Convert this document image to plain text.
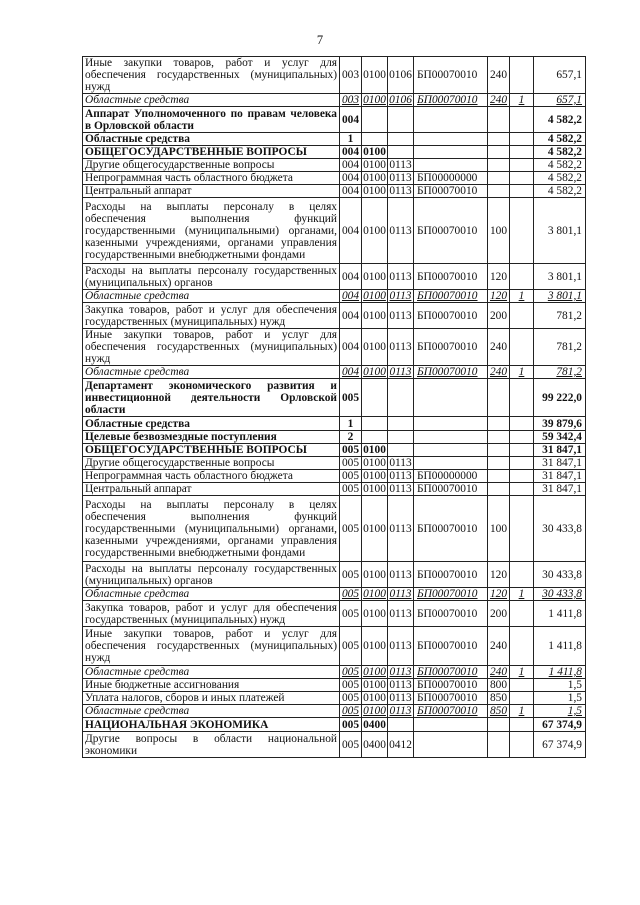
7
Иные закупки товаров, работ и услуг для обеспечения государственных (муниципальных) нужд	003	0100	0106	БП00070010	240		657,1
Областные средства	003	0100	0106	БП00070010	240	1	657,1
Аппарат Уполномоченного по правам человека в Орловской области	004						4 582,2
Областные средства	1						4 582,2
ОБЩЕГОСУДАРСТВЕННЫЕ ВОПРОСЫ	004	0100					4 582,2
Другие общегосударственные вопросы	004	0100	0113				4 582,2
Непрограммная часть областного бюджета	004	0100	0113	БП00000000			4 582,2
Центральный аппарат	004	0100	0113	БП00070010			4 582,2
Расходы на выплаты персоналу в целях обеспечения выполнения функций государственными (муниципальными) органами, казенными учреждениями, органами управления государственными внебюджетными фондами	004	0100	0113	БП00070010	100		3 801,1
Расходы на выплаты персоналу государственных (муниципальных) органов	004	0100	0113	БП00070010	120		3 801,1
Областные средства	004	0100	0113	БП00070010	120	1	3 801,1
Закупка товаров, работ и услуг для обеспечения государственных (муниципальных) нужд	004	0100	0113	БП00070010	200		781,2
Иные закупки товаров, работ и услуг для обеспечения государственных (муниципальных) нужд	004	0100	0113	БП00070010	240		781,2
Областные средства	004	0100	0113	БП00070010	240	1	781,2
Департамент экономического развития и инвестиционной деятельности Орловской области	005						99 222,0
Областные средства	1						39 879,6
Целевые безвозмездные поступления	2						59 342,4
ОБЩЕГОСУДАРСТВЕННЫЕ ВОПРОСЫ	005	0100					31 847,1
Другие общегосударственные вопросы	005	0100	0113				31 847,1
Непрограммная часть областного бюджета	005	0100	0113	БП00000000			31 847,1
Центральный аппарат	005	0100	0113	БП00070010			31 847,1
Расходы на выплаты персоналу в целях обеспечения выполнения функций государственными (муниципальными) органами, казенными учреждениями, органами управления государственными внебюджетными фондами	005	0100	0113	БП00070010	100		30 433,8
Расходы на выплаты персоналу государственных (муниципальных) органов	005	0100	0113	БП00070010	120		30 433,8
Областные средства	005	0100	0113	БП00070010	120	1	30 433,8
Закупка товаров, работ и услуг для обеспечения государственных (муниципальных) нужд	005	0100	0113	БП00070010	200		1 411,8
Иные закупки товаров, работ и услуг для обеспечения государственных (муниципальных) нужд	005	0100	0113	БП00070010	240		1 411,8
Областные средства	005	0100	0113	БП00070010	240	1	1 411,8
Иные бюджетные ассигнования	005	0100	0113	БП00070010	800		1,5
Уплата налогов, сборов и иных платежей	005	0100	0113	БП00070010	850		1,5
Областные средства	005	0100	0113	БП00070010	850	1	1,5
НАЦИОНАЛЬНАЯ ЭКОНОМИКА	005	0400					67 374,9
Другие вопросы в области национальной экономики	005	0400	0412				67 374,9
